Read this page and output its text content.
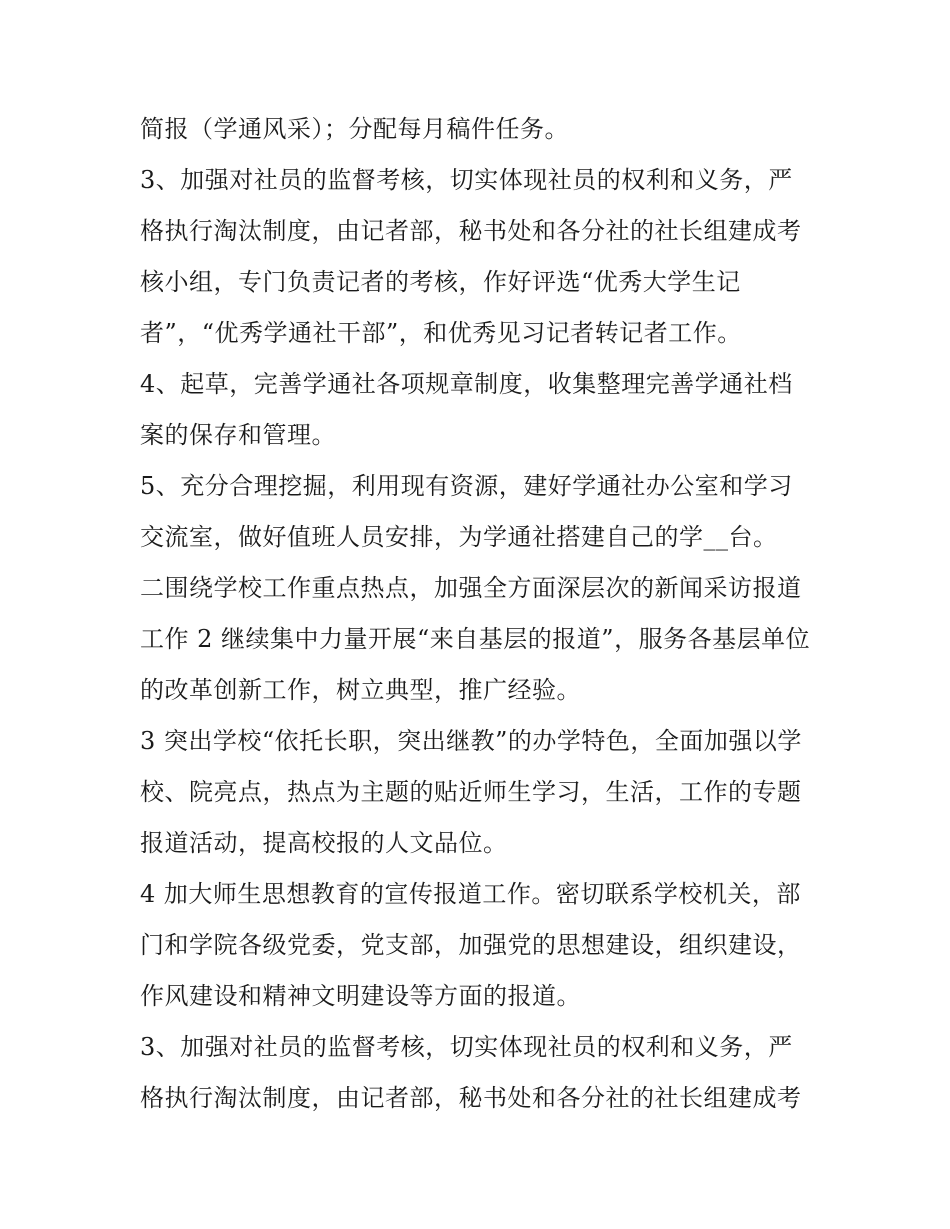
简报（学通风采）；分配每月稿件任务。
3、加强对社员的监督考核，切实体现社员的权利和义务，严
格执行淘汰制度，由记者部，秘书处和各分社的社长组建成考
核小组，专门负责记者的考核，作好评选“优秀大学生记
者”，“优秀学通社干部”，和优秀见习记者转记者工作。
4、起草，完善学通社各项规章制度，收集整理完善学通社档
案的保存和管理。
5、充分合理挖掘，利用现有资源，建好学通社办公室和学习
交流室，做好值班人员安排，为学通社搭建自己的学__台。
二围绕学校工作重点热点，加强全方面深层次的新闻采访报道
工作 2 继续集中力量开展“来自基层的报道”，服务各基层单位
的改革创新工作，树立典型，推广经验。
3 突出学校“依托长职，突出继教”的办学特色，全面加强以学
校、院亮点，热点为主题的贴近师生学习，生活，工作的专题
报道活动，提高校报的人文品位。
4 加大师生思想教育的宣传报道工作。密切联系学校机关，部
门和学院各级党委，党支部，加强党的思想建设，组织建设，
作风建设和精神文明建设等方面的报道。
3、加强对社员的监督考核，切实体现社员的权利和义务，严
格执行淘汰制度，由记者部，秘书处和各分社的社长组建成考
